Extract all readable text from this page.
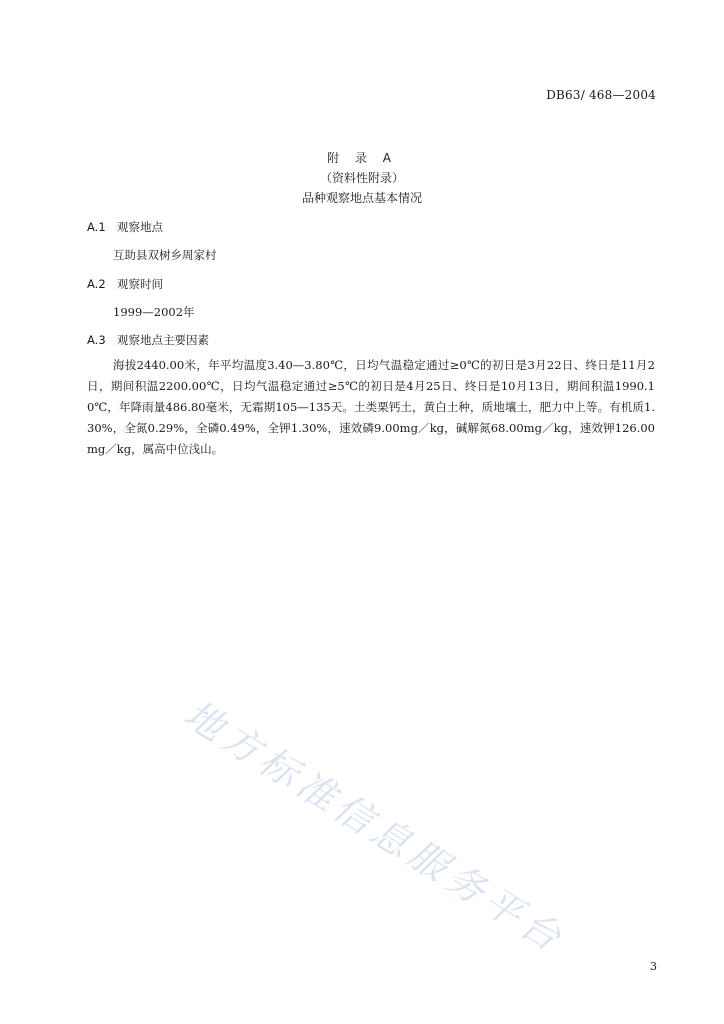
DB63/ 468—2004
附 录 A
（资料性附录）
品种观察地点基本情况
A.1 观察地点
互助县双树乡周家村
A.2 观察时间
1999—2002年
A.3 观察地点主要因素
海拔2440.00米，年平均温度3.40—3.80℃，日均气温稳定通过≥0℃的初日是3月22日、终日是11月2日，期间积温2200.00℃，日均气温稳定通过≥5℃的初日是4月25日、终日是10月13日，期间积温1990.10℃，年降雨量486.80毫米，无霜期105—135天。土类栗钙土，黄白土种，质地壤土，肥力中上等。有机质1.30%，全氮0.29%，全磷0.49%，全钾1.30%，速效磷9.00mg／kg，碱解氮68.00mg／kg，速效钾126.00mg／kg，属高中位浅山。
地方标准信息服务平台
3
